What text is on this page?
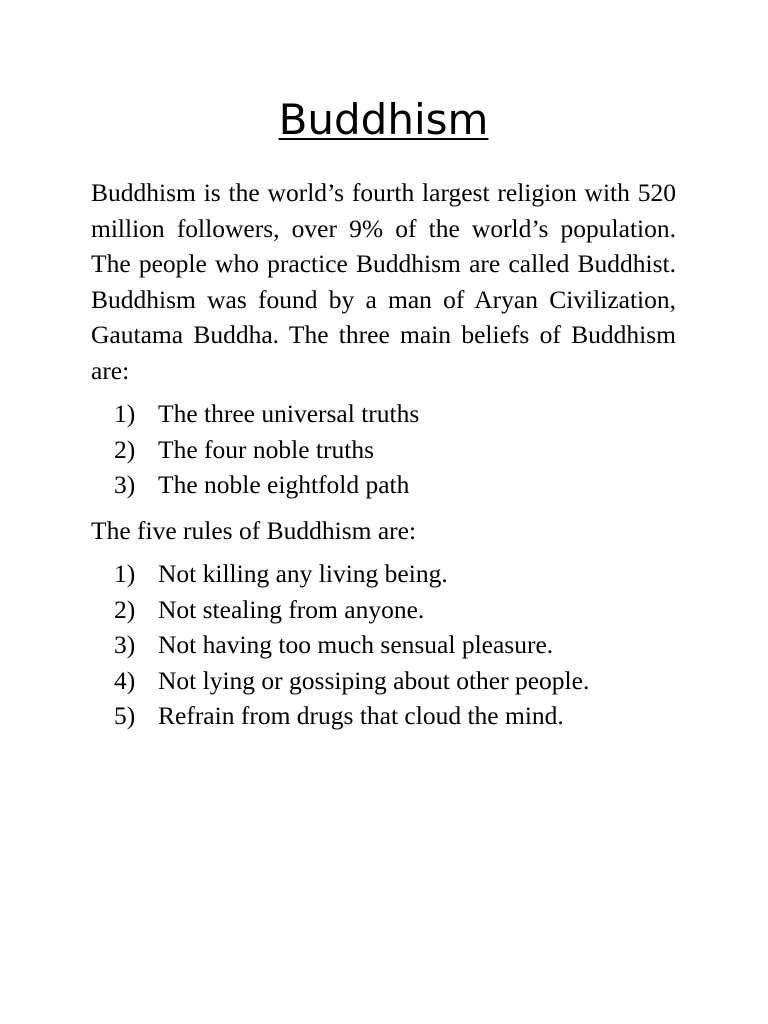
Buddhism

Buddhism is the world’s fourth largest religion with 520 million followers, over 9% of the world’s population. The people who practice Buddhism are called Buddhist. Buddhism was found by a man of Aryan Civilization, Gautama Buddha. The three main beliefs of Buddhism are:

1) The three universal truths
2) The four noble truths
3) The noble eightfold path

The five rules of Buddhism are:

1) Not killing any living being.
2) Not stealing from anyone.
3) Not having too much sensual pleasure.
4) Not lying or gossiping about other people.
5) Refrain from drugs that cloud the mind.
